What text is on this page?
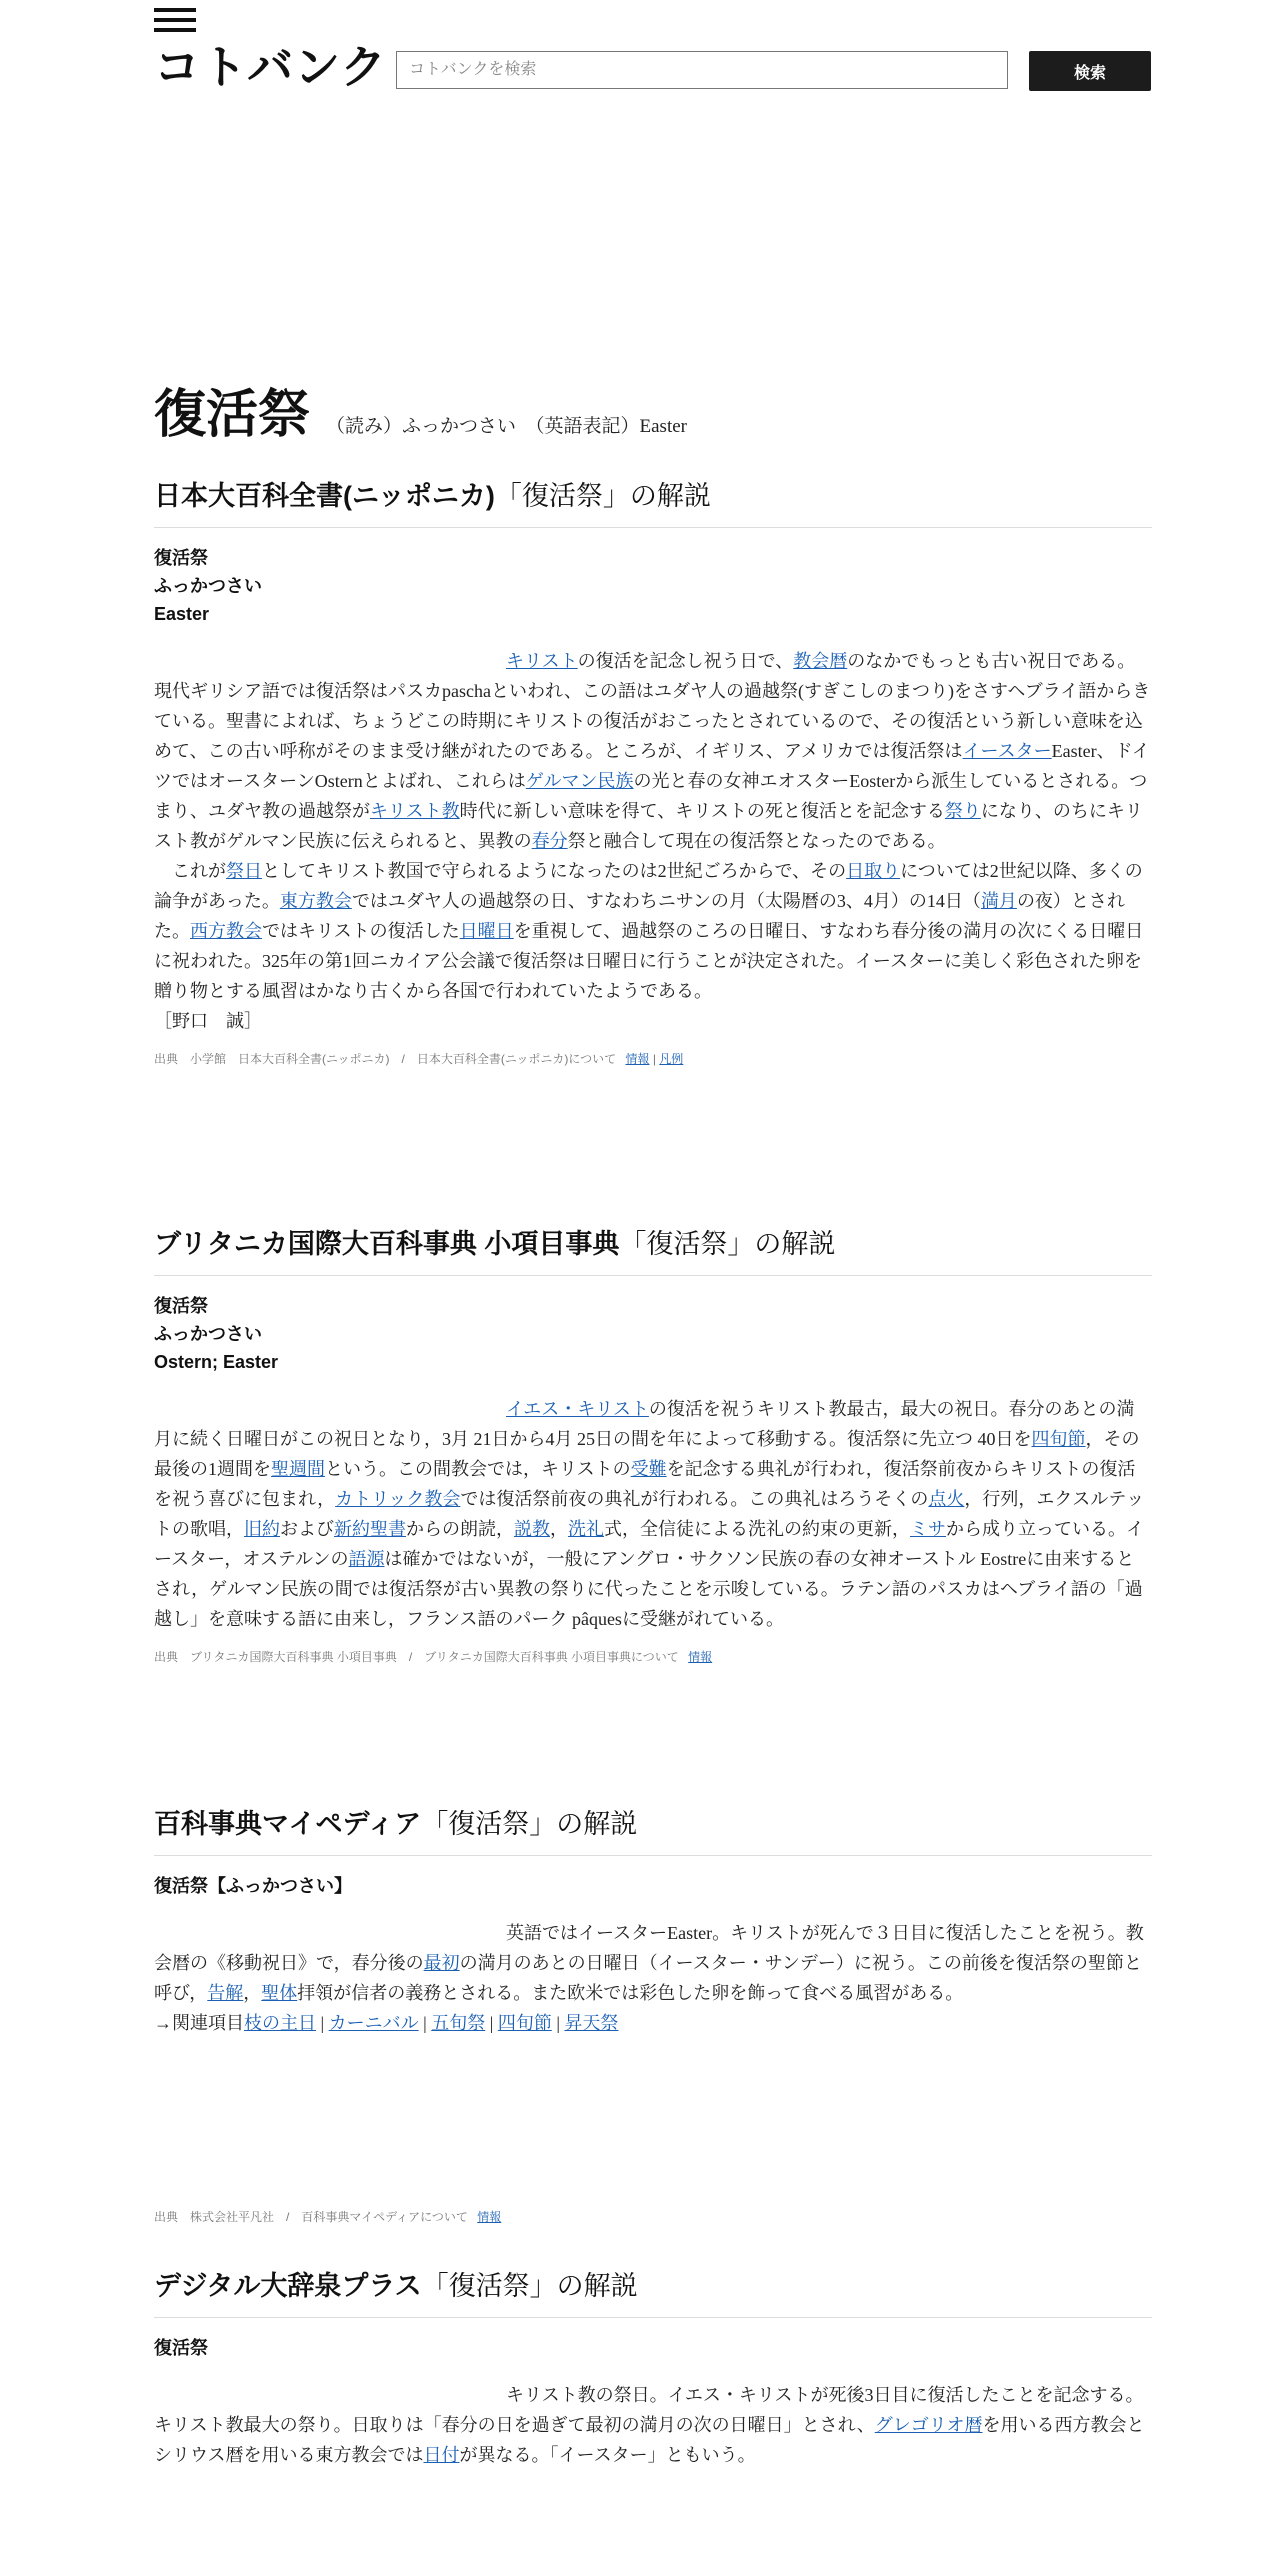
コトバンク
コトバンクを検索	検索
復活祭 （読み）ふっかつさい　（英語表記）Easter
日本大百科全書(ニッポニカ)「復活祭」の解説
復活祭
ふっかつさい
Easter

キリストの復活を記念し祝う日で、教会暦のなかでもっとも古い祝日である。現代ギリシア語では復活祭はパスカpaschaといわれ、この語はユダヤ人の過越祭(すぎこしのまつり)をさすヘブライ語からきている。聖書によれば、ちょうどこの時期にキリストの復活がおこったとされているので、その復活という新しい意味を込めて、この古い呼称がそのまま受け継がれたのである。ところが、イギリス、アメリカでは復活祭はイースターEaster、ドイツではオースターンOsternとよばれ、これらはゲルマン民族の光と春の女神エオスターEosterから派生しているとされる。つまり、ユダヤ教の過越祭がキリスト教時代に新しい意味を得て、キリストの死と復活とを記念する祭りになり、のちにキリスト教がゲルマン民族に伝えられると、異教の春分祭と融合して現在の復活祭となったのである。

これが祭日としてキリスト教国で守られるようになったのは2世紀ごろからで、その日取りについては2世紀以降、多くの論争があった。東方教会ではユダヤ人の過越祭の日、すなわちニサンの月（太陽暦の3、4月）の14日（満月の夜）とされた。西方教会ではキリストの復活した日曜日を重視して、過越祭のころの日曜日、すなわち春分後の満月の次にくる日曜日に祝われた。325年の第1回ニカイア公会議で復活祭は日曜日に行うことが決定された。イースターに美しく彩色された卵を贈り物とする風習はかなり古くから各国で行われていたようである。

［野口　誠］
出典　小学館　日本大百科全書(ニッポニカ)　/　日本大百科全書(ニッポニカ)について 情報 | 凡例
ブリタニカ国際大百科事典 小項目事典「復活祭」の解説
復活祭
ふっかつさい
Ostern; Easter

イエス・キリストの復活を祝うキリスト教最古，最大の祝日。春分のあとの満月に続く日曜日がこの祝日となり，3月 21日から4月 25日の間を年によって移動する。復活祭に先立つ 40日を四旬節，その最後の1週間を聖週間という。この間教会では，キリストの受難を記念する典礼が行われ，復活祭前夜からキリストの復活を祝う喜びに包まれ，カトリック教会では復活祭前夜の典礼が行われる。この典礼はろうそくの点火，行列，エクスルテットの歌唱，旧約および新約聖書からの朗読，説教，洗礼式，全信徒による洗礼の約束の更新，ミサから成り立っている。イースター，オステルンの語源は確かではないが，一般にアングロ・サクソン民族の春の女神オーストル Eostreに由来するとされ，ゲルマン民族の間では復活祭が古い異教の祭りに代ったことを示唆している。ラテン語のパスカはヘブライ語の「過越し」を意味する語に由来し，フランス語のパーク pâquesに受継がれている。

出典　ブリタニカ国際大百科事典 小項目事典　/　ブリタニカ国際大百科事典 小項目事典について 情報
百科事典マイペディア「復活祭」の解説
復活祭【ふっかつさい】

英語ではイースターEaster。キリストが死んで３日目に復活したことを祝う。教会暦の《移動祝日》で，春分後の最初の満月のあとの日曜日（イースター・サンデー）に祝う。この前後を復活祭の聖節と呼び，告解，聖体拝領が信者の義務とされる。また欧米では彩色した卵を飾って食べる風習がある。

→関連項目枝の主日 | カーニバル | 五旬祭 | 四旬節 | 昇天祭
出典　株式会社平凡社　/　百科事典マイペディアについて 情報
デジタル大辞泉プラス「復活祭」の解説
復活祭

キリスト教の祭日。イエス・キリストが死後3日目に復活したことを記念する。キリスト教最大の祭り。日取りは「春分の日を過ぎて最初の満月の次の日曜日」とされ、グレゴリオ暦を用いる西方教会とシリウス暦を用いる東方教会では日付が異なる。「イースター」ともいう。
